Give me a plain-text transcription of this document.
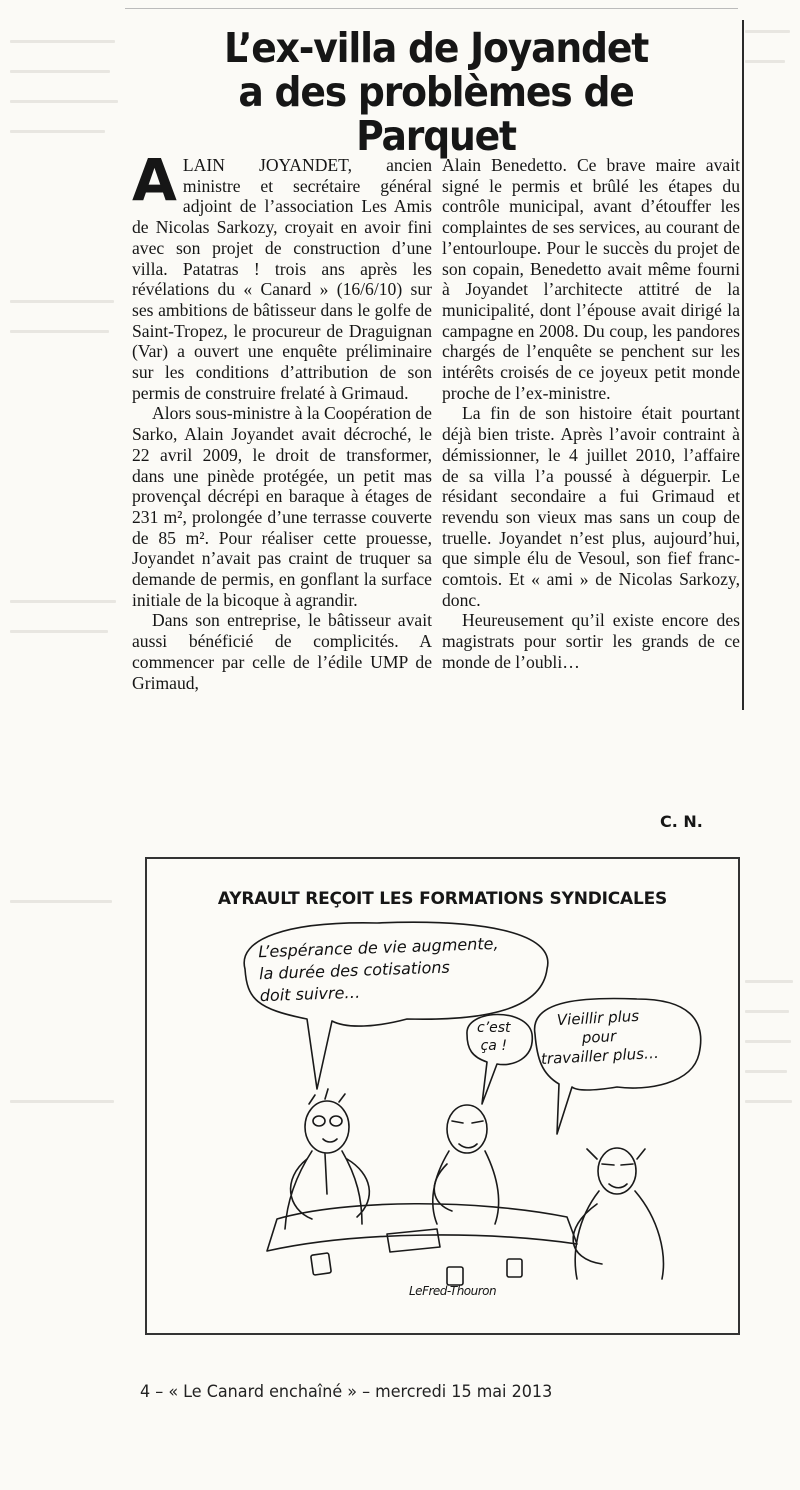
L’ex-villa de Joyandet
a des problèmes de Parquet

ALAIN JOYANDET, ancien ministre et secrétaire général adjoint de l’association Les Amis de Nicolas Sarkozy, croyait en avoir fini avec son projet de construction d’une villa. Patatras ! trois ans après les révélations du « Canard » (16/6/10) sur ses ambitions de bâtisseur dans le golfe de Saint-Tropez, le procureur de Draguignan (Var) a ouvert une enquête préliminaire sur les conditions d’attribution de son permis de construire frelaté à Grimaud.

Alors sous-ministre à la Coopération de Sarko, Alain Joyandet avait décroché, le 22 avril 2009, le droit de transformer, dans une pinède protégée, un petit mas provençal décrépi en baraque à étages de 231 m², prolongée d’une terrasse couverte de 85 m². Pour réaliser cette prouesse, Joyandet n’avait pas craint de truquer sa demande de permis, en gonflant la surface initiale de la bicoque à agrandir.

Dans son entreprise, le bâtisseur avait aussi bénéficié de complicités. A commencer par celle de l’édile UMP de Grimaud,

Alain Benedetto. Ce brave maire avait signé le permis et brûlé les étapes du contrôle municipal, avant d’étouffer les complaintes de ses services, au courant de l’entourloupe. Pour le succès du projet de son copain, Benedetto avait même fourni à Joyandet l’architecte attitré de la municipalité, dont l’épouse avait dirigé la campagne en 2008. Du coup, les pandores chargés de l’enquête se penchent sur les intérêts croisés de ce joyeux petit monde proche de l’ex-ministre.

La fin de son histoire était pourtant déjà bien triste. Après l’avoir contraint à démissionner, le 4 juillet 2010, l’affaire de sa villa l’a poussé à déguerpir. Le résidant secondaire a fui Grimaud et revendu son vieux mas sans un coup de truelle. Joyandet n’est plus, aujourd’hui, que simple élu de Vesoul, son fief franc-comtois. Et « ami » de Nicolas Sarkozy, donc.

Heureusement qu’il existe encore des magistrats pour sortir les grands de ce monde de l’oubli…

C. N.
AYRAULT REÇOIT LES FORMATIONS SYNDICALES
L’espérance de vie augmente,
la durée des cotisations
doit suivre…
c’est
ça !
Vieillir plus
pour
travailler plus…
LeFred-Thouron
4 – « Le Canard enchaîné » – mercredi 15 mai 2013
